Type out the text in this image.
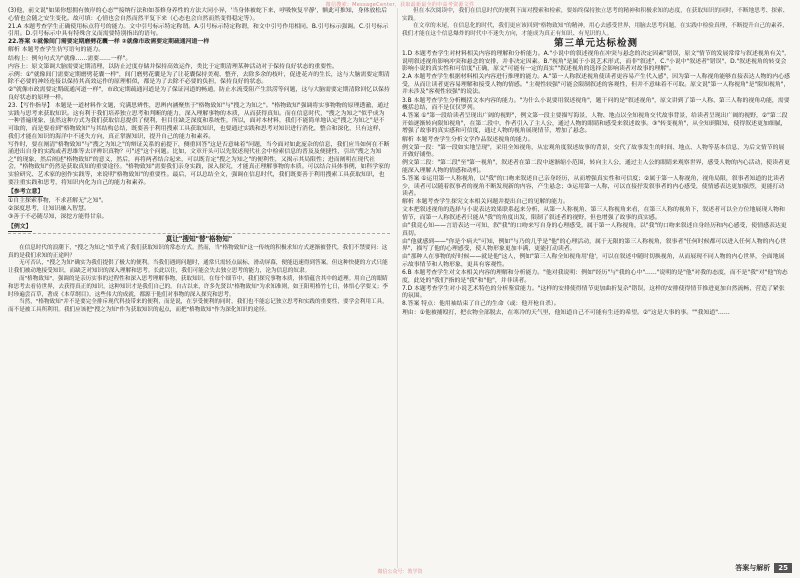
微信搜索：MessageCenter，获取最新最全的中高考资源文件

(3)他，前文说"如果你想拥有彼岸的心态""接纳行法和如茶修身养性的方法大同小异，'当身体被蛇下来，呼吸恢复平静'，额此可推知，身体放松后心情也会随之安生变化。故可填：心情也会自然而然平复下来（心态也会自然而然变得稳定等）。

21.A 本题考查学生正确使用标点符号的能力。文中引号标示特定称谓。A.引号标示特定称谓，和文中引号作用相同。B.引号标示强调。C.引号标示引用。D.引号标示中具有特殊含义而需要特别指出的语句。

22.答案 ①就像间门需要定期磨劈花囊一样 ②就像市政需要定期疏通河道一样

解析 本题考查学生仿写语句的能力。

结构上：例句句式为"就像……需要……一样"。

内容上：原文第调大脑需要定期清理，以防止过度存储并保持高效运作，类比于定期清理某种活动对于保持良好状态的重要性。

示例：①"就像间门需要定期磨劈花囊一样"，间门磨劈花囊是为了让花囊保持美观、整齐，去除多余的枝叶，促进花卉的生长，这与大脑需要定期清除不必要的神经连接以保持其高效运作的原理相似，都是为了去除不必要的负担，保持良好的状态。

②"就像市政需要定期疏通河道一样"，市政定期疏通河道是为了保证河道的畅通，防止水流受阻产生洪涝等问题，这与大脑需要定期清除回忆以保持良好状态的原理一样。

23.【写作指导】 本题是一道材料作文题，究满思辨性，思辨内涵聚焦于"格物致知"与"搜之为知之"。"格物致知"强调将实事物物的原理透澈，通过实践与思考来获取知识。这有利于我们培养独立思考和判断的能力，深入理解事物的本质，从而获得真知。而在信息时代，"搜之为知之"似乎成为一种普遍现象，虽然这种方式为我们获取信息提供了便利，但目往缺乏深度和系统性，所以，面对本材料，我们不能简单地认定"搜之为知之"是不可取的，而是要看到"格物致知"与其结构总结，既要善于利用搜索工具获取知识，也要通过实践和思考对知识进行消化，整合和深化，只有这样，我们才能在知识的海洋中不迷失方向，真正掌握知识，提升自己的能力和素养。

写作时，要在阐清"格物致知"与"搜之为知之"的辩证关系的前提下，侧重回答"这是否意味着"问题，当今面对如此庞杂的信息，我们应当如何在不断涌进出自身的实践或者思维等去评辨识真物？可"述"这个问题。比如，文章开头可以先叙述现代社会中检索信息的普及及便捷性，引出"搜之为知之"的现象，然后阐述"格物致知"的意义，然后，再将两者结合起来，可以既肯定"搜之为知之"的便利性，又揭示其局限性；进而阐明在现代社会，"格物致知"仍然是获取真知的重要途径。"格物致知"需要我们亲身实践，深入探究，才能真正理解事物的本质。可以结合具体事例，如科学家的实验研究、艺术家的创作实践等，来说明"格物致知"的重要性。最后，可以总结全文，强调在信息时代，我们既要善于利用搜索工具获取知识，也要注重实践和思考，将知识内化为自己的能力和素养。

【参考立意】

①自主探索事物，不求甚解无"之知"。

②深度思考，让知识融入智慧。

③善于不必随尽知，深挖方能得甘泉。

【例文】
莫让"搜知"替"格物知"

在信息时代的浪潮下，"搜之为知之"似乎成了我们获取知识的常态方式。然而，当"格物致知"这一传统的积极求知方式逐渐被替代，我们不禁要问：这真的是我们求知的正途吗？

无可否认，"搜之为知"确实为我们提供了极大的便利。当我们遇到问题时，通常只需轻点鼠标，滑动屏幕，便能迅速得到答案。但这种快捷的方式只能让我们被动地接受知识，而缺乏对知识的深入理解和思考。长此以往，我们可能会失去独立思考的能力，沦为信息的奴隶。

而"格物致知"，强调的是亲历实事的过程性和深入思考理解事物，获取知识。在每个细节中，我们探究事物本质，体悟蕴含其中的道理。用自己的眼睛和思考去看待世界，去获得真正的知识，这种知识才是我们自己的。自古以来，许多先贤以"格物致知"为求知准则，如王阳明格竹七日，体悟心学要义；李时珍遍尝百草，著成《本草纲目》。这些伟大的成就，都源于他们对事物的深入探究和思考。

当然，"格物致知"并不是要完全排斥现代科技带来的便利，而是说，在享受便利的同时，我们也不能忘记独立思考和实践的重要性，要学会利用工具，而不是被工具所利用。我们应该把"搜之为知"作为获取知识的起点，而把"格物致知"作为深化知识的途径。

但在本次阅读中，我们在信息时代的便利下面对搜索和检索，要始终保持独立思考的精神和积极求知的态度，在获取知识的同时，不断地思考、探索、实践。

在文章的末尾，在信息化的时代，我们更应该回到"格物致知"的精神，用心去感受世界，用脑去思考问题，在实践中检验真理，不断提升自己的素养，我们才能在这个信息爆炸的时代中不迷失方向，才能成为真正有知识、有见识的人。

第三单元达标检测

1.D 本题考查学生对材料相关内容的理解和分析能力。A."小说中的叙述视角在冲突与悬念的决定因素"错误，原文"情节的发展常常与叙述视角有关"，说明叙述视角影响冲突和悬念的安排，并非决定因素。B."视角"是属于小说艺术形式，而非"叙述"，C."小说中"叙述者"错误"，D."叙述视角的转变会影响小说的真实性和可信度"正确，原文"可能有一定的真实""叙述视角的选择会影响读者对故事的理解"。

2.A 本题考查学生根据材料相关内容进行推理的能力。A."第一人称叙述视角使读者更容易产生代入感"，因为第一人称视角能够直接表达人物的内心感受，从而让读者更容易理解和接受人物的情感。"主观性较强"可能会限制叙述的客观性，但并不意味着不可取。原文说"第一人称视角"是"限知视角"，并未涉及"客观性较强"的说法。

3.B 本题考查学生分析概括文本内容的能力。"为什么小说要用叙述视角"，题干问的是"叙述视角"，原文讲到了第一人称、第三人称的视角功能，需要概括总结，而不是仅仅罗列。

4.答案 ①"第一段给读者呈现出广阔的视野"，例文第一段主要描写海景，人物、地点以全知视角交代故事背景，给读者呈现出广阔的视野，②"第二段开始逐渐转向限知视角"，在第二段中，作者引入了主人公，通过人物的眼睛和感受来叙述故事。③"转变视角"，从全知到限知，使得叙述更加细腻，增强了故事的真实感和可信度，通过人物的视角展现情节，增加了悬念。

解析 本题考查学生分析文学作品叙述视角的能力。

例文第一段："第一段如实地呈现"，采用全知视角，从宏观角度叙述故事的背景，交代了故事发生的时间、地点、人物等基本信息，为后文情节的展开做好铺垫。

例文第二段："第二段"至"第一视角"，叙述者在第二段中逐渐缩小范围，转向主人公，通过主人公的眼睛来观察世界，感受人物的内心活动，使读者更能深入理解人物的情感和动机。

5.答案 ①运用第一人称视角，以"我"的口吻来叙述自己亲身经历，从而增强真实性和可信度；②属于第一人称视角，视角局限，叙事者知道的比读者少，读者可以随着叙事者的视角不断发现新的内容，产生悬念；③运用第一人称，可以直接抒发叙事者的内心感受，使情感表达更加强烈，更能打动读者。

解析 本题考查学生探究文本相关问题并提出自己的见解的能力。

文本把叙述视角的选择与小说表达效果联系起来分析，从第一人称视角、第三人称视角来看，在第三人称的视角下，叙述者可以全方位地展现人物和情节，而第一人称叙述者只能从"我"的角度出发，限制了叙述者的视野，但也增强了故事的真实感。

由"我竟心知——言语表达一可知，叙"我"的口吻来写自身的心理感受，属于第一人称视角，以"我"的口吻来叙述自身经历和内心感受，使情感表达更真切。

由"他就感到——"你是个病夫"可知，例如"与乃的几乎是"他"的心理活动，属于无限的第三人称视角，叙事者"任何时候都可以进入任何人物的内心世界"，描写了他的心理感受，使人物形象更加丰满，更能打动读者。

由"那种人在事物的好时候——就是他"这人，例如"第三人称全知视角用'他'，可以在叙述中随时切换视角，从而展现不同人物的内心世界，全面地展示故事情节和人物形象，更具有客观性。

6.B 本题考查学生对文本相关内容的理解和分析能力。"他对我说明：例如"经历"与"我的心中"……"说明的是"他"对我的态度，而不是"我"对"他"的态度，此处的"我们"指的是"我"和"他"，并非读者。

7.D 本题考查学生对小说艺术特色的分析鉴赏能力。"这样的安排使得情节更加曲折复杂"错误，这样的安排使得情节推进更加自然流畅，营造了紧张的氛围。

8.答案 特点：他用袖结束了自己的生命（或：他开枪自杀）。

理由：①他被捕殴打，把衣物全部脱去，在寒冷的天气里，他知道自己不可能有生还的希望。②"这是大事的事。""我知道"……

答案与解析	25
微信公众号：教学资
